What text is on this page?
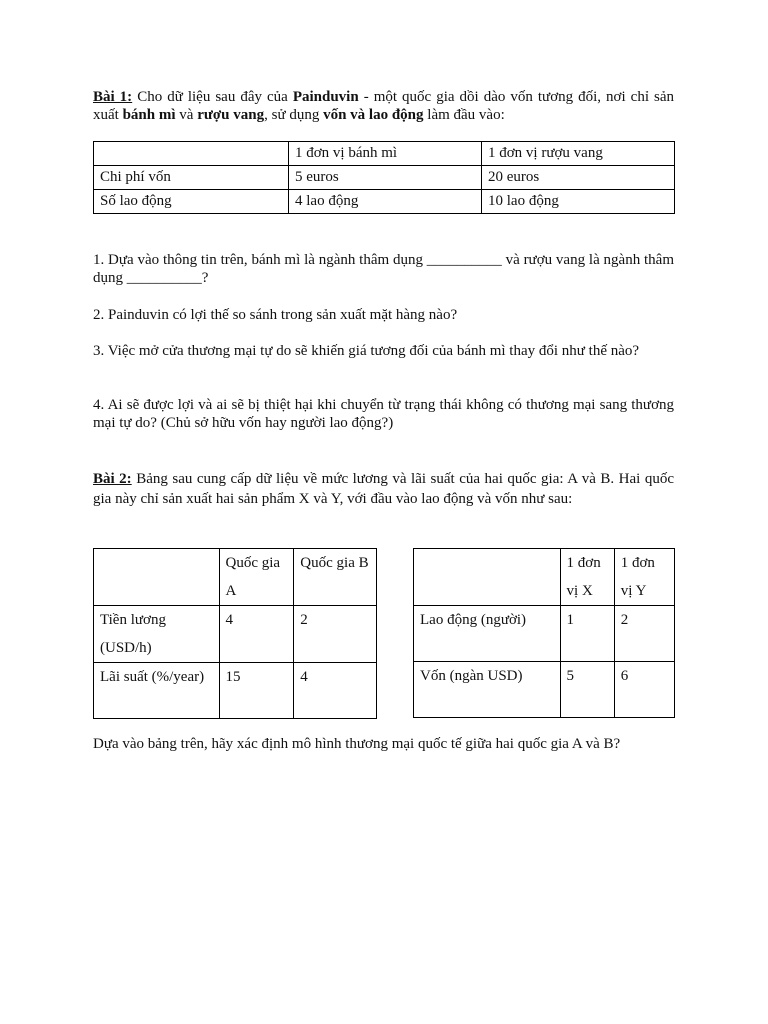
Bài 1: Cho dữ liệu sau đây của Painduvin - một quốc gia dồi dào vốn tương đối, nơi chỉ sản xuất bánh mì và rượu vang, sử dụng vốn và lao động làm đầu vào:

	1 đơn vị bánh mì	1 đơn vị rượu vang
Chi phí vốn	5 euros	20 euros
Số lao động	4 lao động	10 lao động

1. Dựa vào thông tin trên, bánh mì là ngành thâm dụng __________ và rượu vang là ngành thâm dụng __________?

2. Painduvin có lợi thế so sánh trong sản xuất mặt hàng nào?

3. Việc mở cửa thương mại tự do sẽ khiến giá tương đối của bánh mì thay đổi như thế nào?

4. Ai sẽ được lợi và ai sẽ bị thiệt hại khi chuyển từ trạng thái không có thương mại sang thương mại tự do? (Chủ sở hữu vốn hay người lao động?)

Bài 2: Bảng sau cung cấp dữ liệu về mức lương và lãi suất của hai quốc gia: A và B. Hai quốc gia này chỉ sản xuất hai sản phẩm X và Y, với đầu vào lao động và vốn như sau:

	Quốc gia A	Quốc gia B
Tiền lương (USD/h)	4	2
Lãi suất (%/year)	15	4
	1 đơn vị X	1 đơn vị Y
Lao động (người)	1	2
Vốn (ngàn USD)	5	6

Dựa vào bảng trên, hãy xác định mô hình thương mại quốc tế giữa hai quốc gia A và B?
